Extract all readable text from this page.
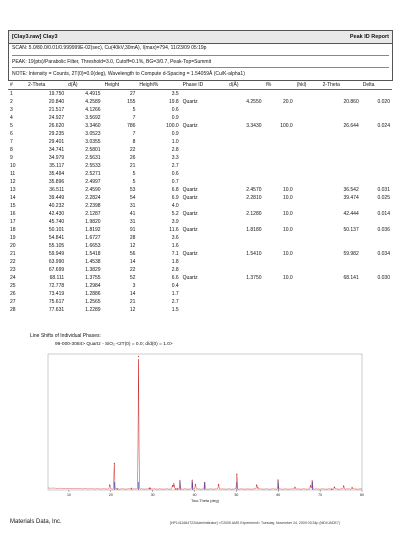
[Clay3.raw] Clay3	Peak ID Report
SCAN: 5.0/80.0/0.01/0.999999E-02(sec), Cu(40kV,30mA), I(max)=794, 11/23/09 05:19p
PEAK: 19(pts)/Parabolic Filter, Threshold=3.0, Cutoff=0.1%, BG=3/0.7, Peak-Top=Summit
NOTE: Intensity = Counts, 2T(0)=0.0(deg), Wavelength to Compute d-Spacing = 1.54059Å (Cu/K-alpha1)
#	2-Theta	d(Å)	Height	Height%	Phase ID	d(Å)	I%	(hkl)	2-Theta	Delta
1	19.750	4.4915	27	3.5						
2	20.840	4.2589	155	19.8	Quartz	4.2550	20.0		20.860	0.020
3	21.517	4.1266	5	0.6						
4	24.927	3.5692	7	0.9						
5	26.620	3.3460	786	100.0	Quartz	3.3430	100.0		26.644	0.024
6	29.235	3.0523	7	0.9						
7	29.401	3.0355	8	1.0						
8	34.741	2.5801	22	2.8						
9	34.979	2.5631	26	3.3						
10	35.117	2.5533	21	2.7						
11	35.494	2.5271	5	0.6						
12	35.896	2.4997	5	0.7						
13	36.511	2.4590	53	6.8	Quartz	2.4570	10.0		36.542	0.031
14	39.449	2.2824	54	6.9	Quartz	2.2810	10.0		39.474	0.025
15	40.232	2.2398	31	4.0						
16	42.430	2.1287	41	5.2	Quartz	2.1280	10.0		42.444	0.014
17	45.740	1.9820	31	3.9						
18	50.101	1.8192	91	11.6	Quartz	1.8180	10.0		50.137	0.036
19	54.841	1.6727	28	3.6						
20	55.105	1.6653	12	1.6						
21	59.949	1.5418	56	7.1	Quartz	1.5410	10.0		59.982	0.034
22	63.990	1.4538	14	1.8						
23	67.699	1.3829	22	2.8						
24	68.111	1.3755	52	6.6	Quartz	1.3750	10.0		68.141	0.030
25	72.778	1.2984	3	0.4						
26	73.419	1.2886	14	1.7						
27	75.617	1.2565	21	2.7						
28	77.631	1.2289	12	1.5						
Line Shifts of Individual Phases:
99-000-3084> Quartz - SiO₂ <2T(0) = 0.0; d/d(0) = 1.0>
10	20	30	40	50	60	70	80
Two-Theta (deg)
Materials Data, Inc.	[HP1411664722\Administrator] <©2005 AMS Experiment> Tuesday, November 24, 2009 03:34p (MDI/JADE7)
